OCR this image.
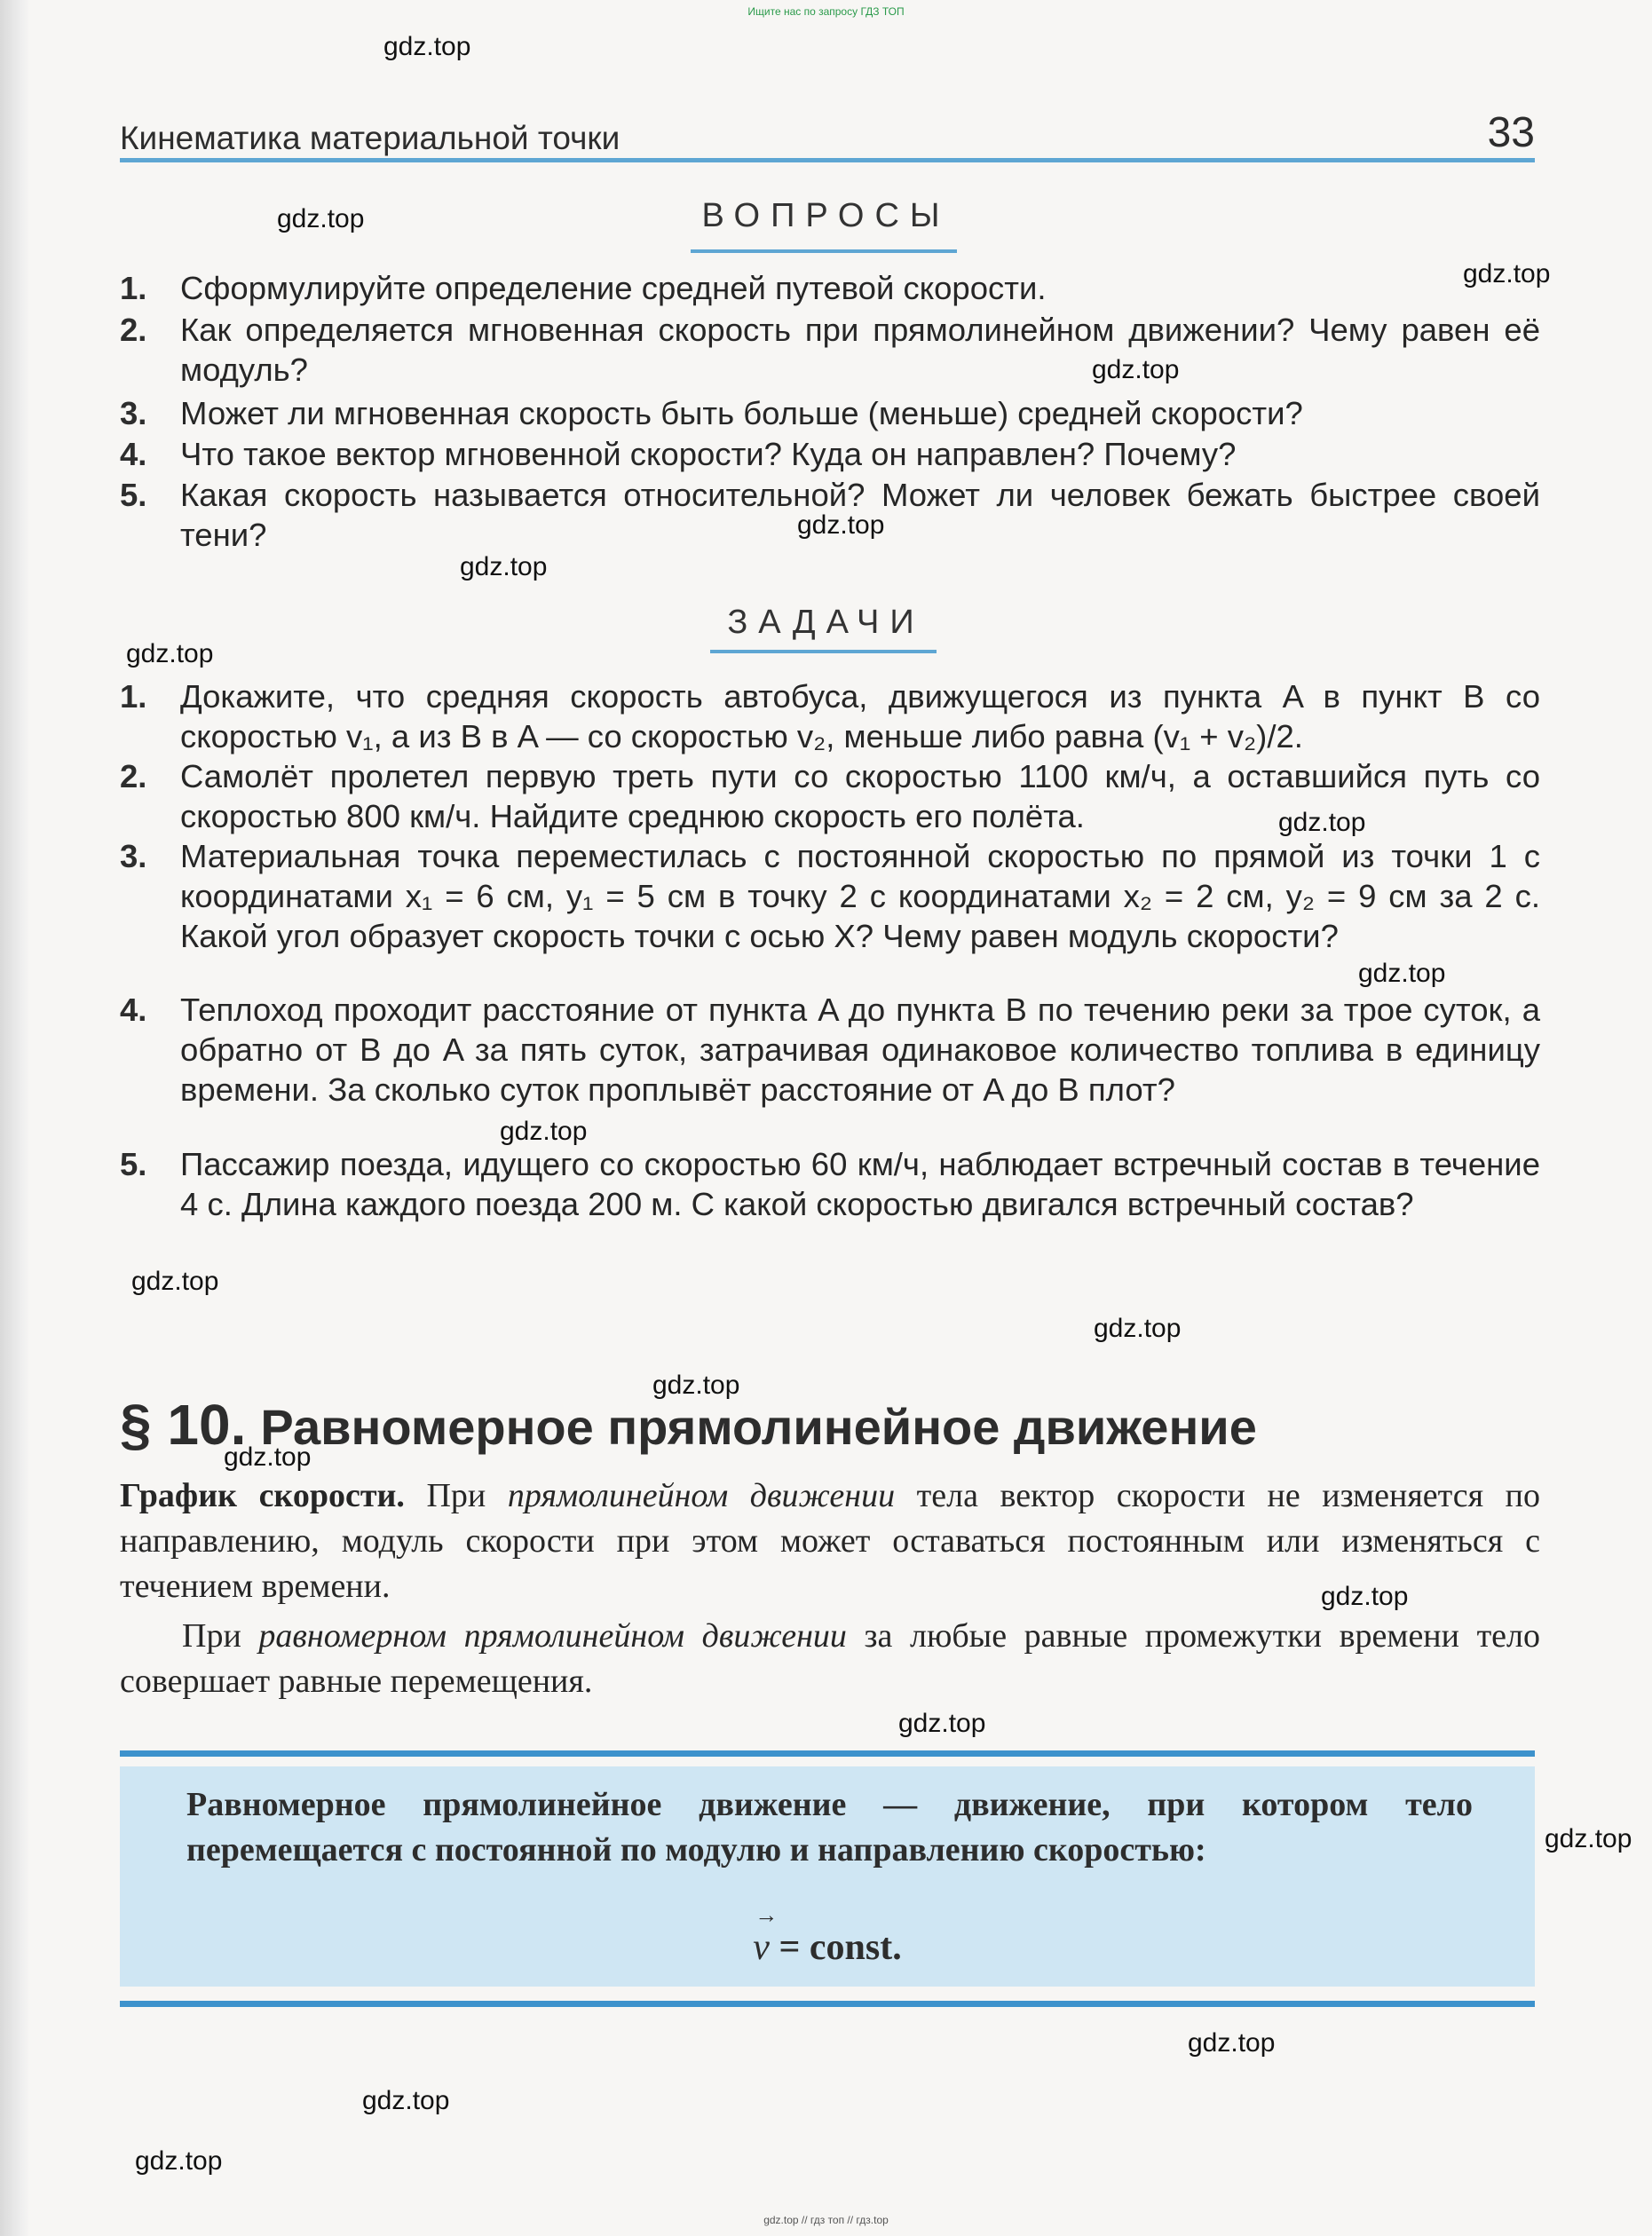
Ищите нас по запросу ГДЗ ТОП
Кинематика материальной точки	33
ВОПРОСЫ
1. Сформулируйте определение средней путевой скорости.
2. Как определяется мгновенная скорость при прямолинейном движении? Чему равен её модуль?
3. Может ли мгновенная скорость быть больше (меньше) средней скорости?
4. Что такое вектор мгновенной скорости? Куда он направлен? Почему?
5. Какая скорость называется относительной? Может ли человек бежать быстрее своей тени?
ЗАДАЧИ
1. Докажите, что средняя скорость автобуса, движущегося из пункта A в пункт B со скоростью v₁, а из B в A — со скоростью v₂, меньше либо равна (v₁ + v₂)/2.
2. Самолёт пролетел первую треть пути со скоростью 1100 км/ч, а оставшийся путь со скоростью 800 км/ч. Найдите среднюю скорость его полёта.
3. Материальная точка переместилась с постоянной скоростью по прямой из точки 1 с координатами x₁ = 6 см, y₁ = 5 см в точку 2 с координатами x₂ = 2 см, y₂ = 9 см за 2 с. Какой угол образует скорость точки с осью X? Чему равен модуль скорости?
4. Теплоход проходит расстояние от пункта A до пункта B по течению реки за трое суток, а обратно от B до A за пять суток, затрачивая одинаковое количество топлива в единицу времени. За сколько суток проплывёт расстояние от A до B плот?
5. Пассажир поезда, идущего со скоростью 60 км/ч, наблюдает встречный состав в течение 4 с. Длина каждого поезда 200 м. С какой скоростью двигался встречный состав?
§ 10. Равномерное прямолинейное движение
График скорости. При прямолинейном движении тела вектор скорости не изменяется по направлению, модуль скорости при этом может оставаться постоянным или изменяться с течением времени.
При равномерном прямолинейном движении за любые равные промежутки времени тело совершает равные перемещения.
Равномерное прямолинейное движение — движение, при котором тело перемещается с постоянной по модулю и направлению скоростью:
→ v = const.
gdz.top
gdz.top
gdz.top
gdz.top
gdz.top
gdz.top
gdz.top
gdz.top
gdz.top
gdz.top
gdz.top
gdz.top
gdz.top
gdz.top
gdz.top
gdz.top
gdz.top
gdz.top
gdz.top
gdz.top
gdz.top // гдз топ // гдз.top
